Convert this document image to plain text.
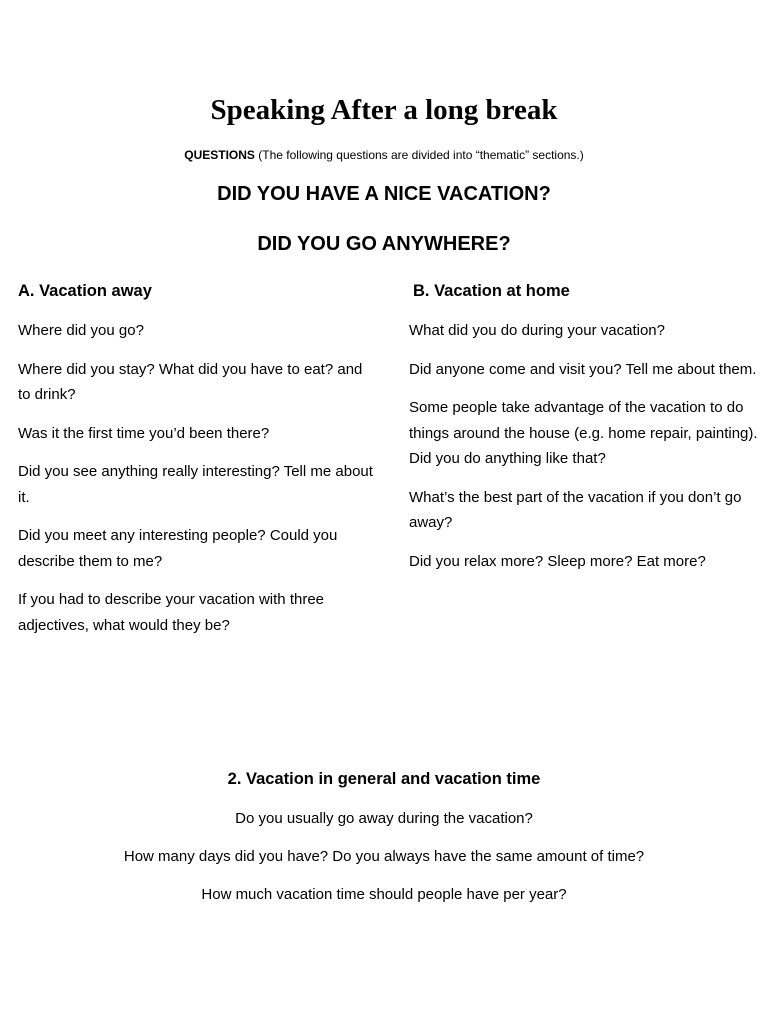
Speaking After a long break
QUESTIONS (The following questions are divided into “thematic” sections.)
DID YOU HAVE A NICE VACATION?
DID YOU GO ANYWHERE?
A. Vacation away

Where did you go?

Where did you stay? What did you have to eat? and to drink?

Was it the first time you’d been there?

Did you see anything really interesting? Tell me about it.

Did you meet any interesting people? Could you describe them to me?

If you had to describe your vacation with three adjectives, what would they be?

B. Vacation at home

What did you do during your vacation?

Did anyone come and visit you? Tell me about them.

Some people take advantage of the vacation to do things around the house (e.g. home repair, painting). Did you do anything like that?

What’s the best part of the vacation if you don’t go away?

Did you relax more? Sleep more? Eat more?

2. Vacation in general and vacation time

Do you usually go away during the vacation?

How many days did you have? Do you always have the same amount of time?

How much vacation time should people have per year?
